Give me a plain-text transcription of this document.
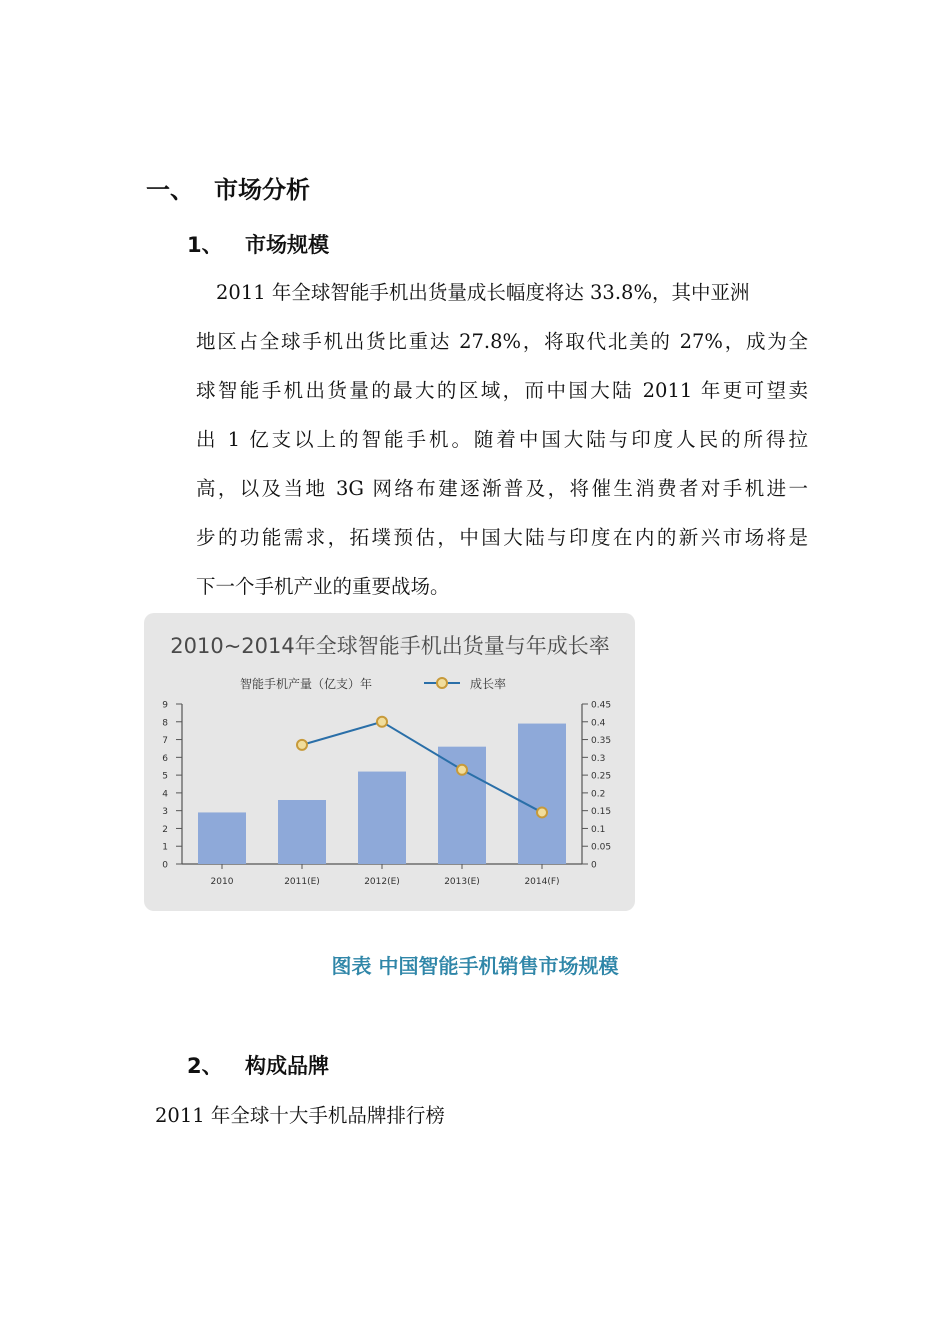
一、 市场分析
1、 市场规模
2011 年全球智能手机出货量成长幅度将达 33.8%，其中亚洲
地区占全球手机出货比重达 27.8%，将取代北美的 27%，成为全
球智能手机出货量的最大的区域，而中国大陆 2011 年更可望卖
出 1 亿支以上的智能手机。随着中国大陆与印度人民的所得拉
高，以及当地 3G 网络布建逐渐普及，将催生消费者对手机进一
步的功能需求，拓墣预估，中国大陆与印度在内的新兴市场将是
下一个手机产业的重要战场。
2010~2014年全球智能手机出货量与年成长率
智能手机产量（亿支）年	成长率
0
1
2
3
4
5
6
7
8
9
0
0.05
0.1
0.15
0.2
0.25
0.3
0.35
0.4
0.45
2010	2011(E)	2012(E)	2013(E)	2014(F)
图表 中国智能手机销售市场规模
2、 构成品牌
2011 年全球十大手机品牌排行榜
